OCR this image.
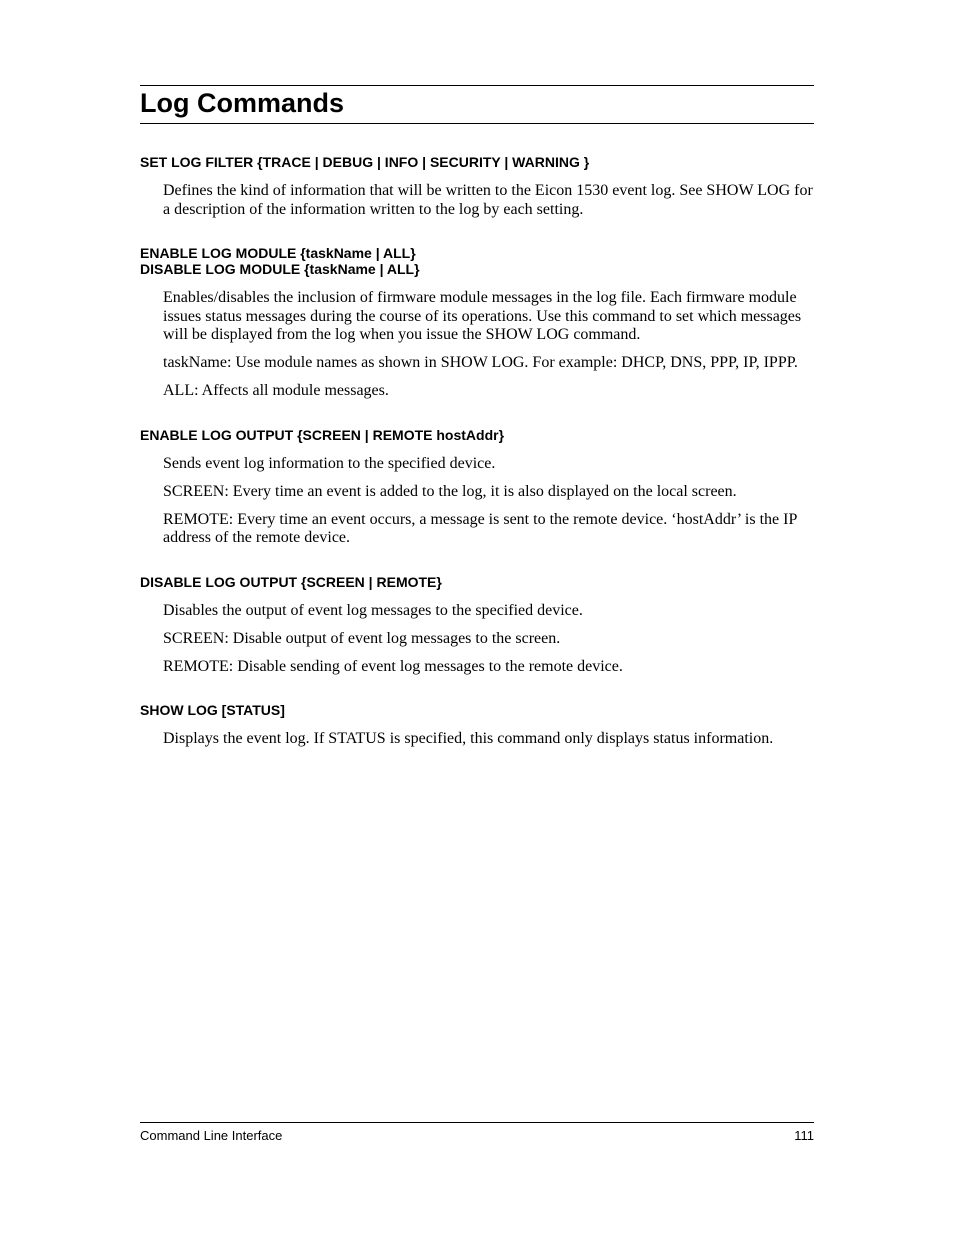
Log Commands

SET LOG FILTER {TRACE | DEBUG | INFO | SECURITY | WARNING }

Defines the kind of information that will be written to the Eicon 1530 event log. See SHOW LOG for a description of the information written to the log by each setting.

ENABLE LOG MODULE {taskName | ALL}

DISABLE LOG MODULE {taskName | ALL}

Enables/disables the inclusion of firmware module messages in the log file. Each firmware module issues status messages during the course of its operations. Use this command to set which messages will be displayed from the log when you issue the SHOW LOG command.

taskName: Use module names as shown in SHOW LOG. For example: DHCP, DNS, PPP, IP, IPPP.

ALL: Affects all module messages.

ENABLE LOG OUTPUT {SCREEN | REMOTE hostAddr}

Sends event log information to the specified device.

SCREEN: Every time an event is added to the log, it is also displayed on the local screen.

REMOTE: Every time an event occurs, a message is sent to the remote device. ‘hostAddr’ is the IP address of the remote device.

DISABLE LOG OUTPUT {SCREEN | REMOTE}

Disables the output of event log messages to the specified device.

SCREEN: Disable output of event log messages to the screen.

REMOTE: Disable sending of event log messages to the remote device.

SHOW LOG [STATUS]

Displays the event log. If STATUS is specified, this command only displays status information.

Command Line Interface	111
